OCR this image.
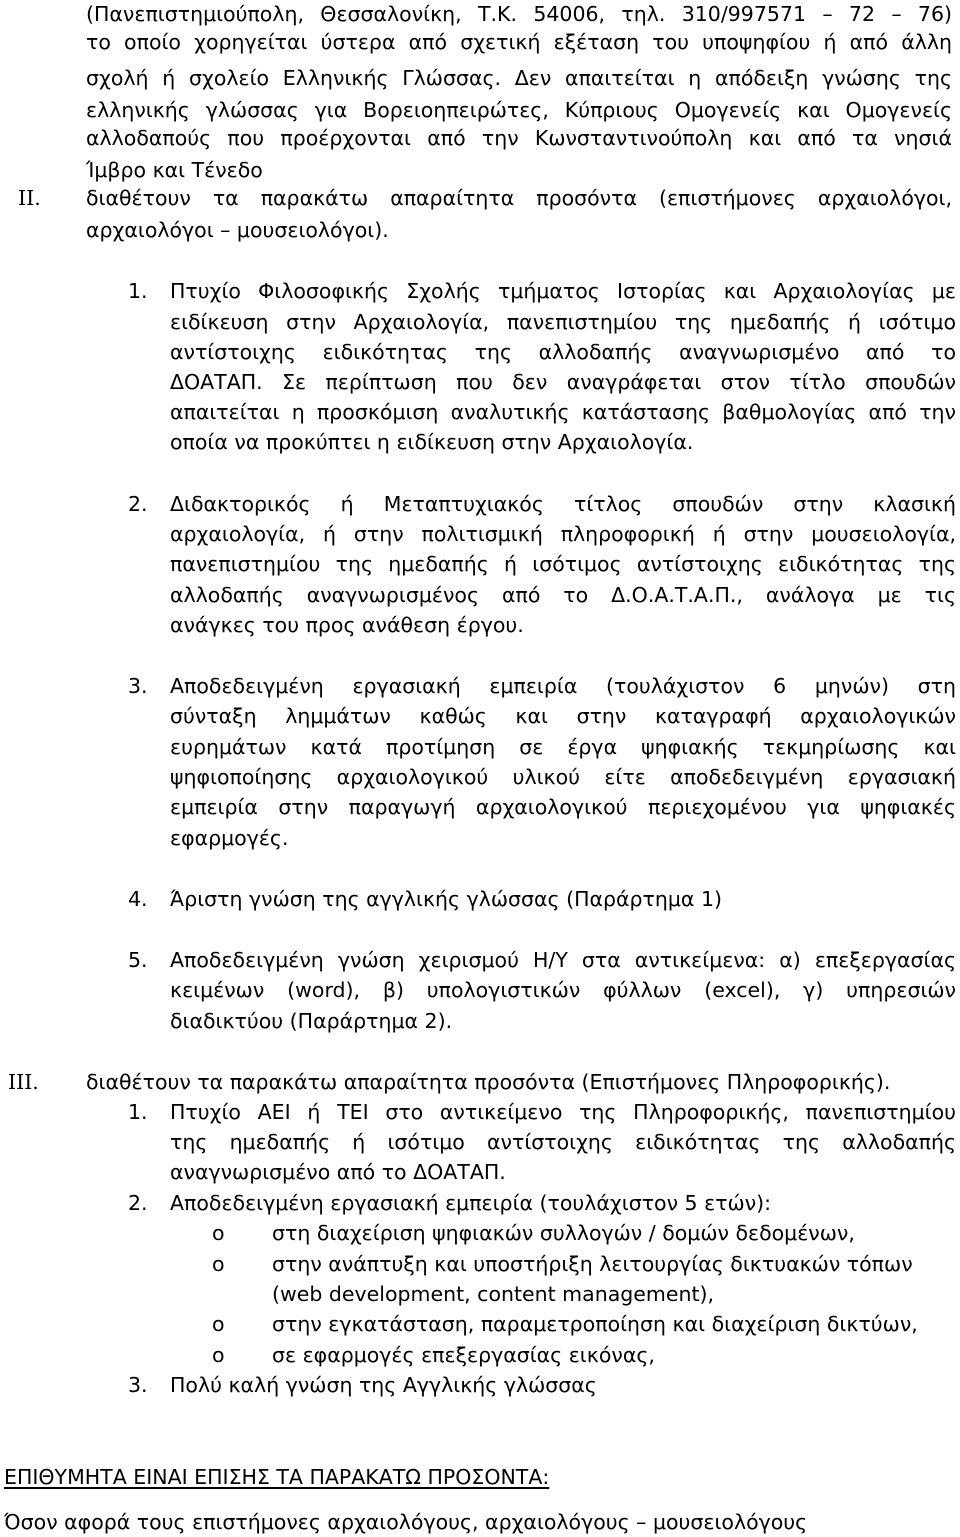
(Πανεπιστημιούπολη, Θεσσαλονίκη, Τ.Κ. 54006, τηλ. 310/997571 – 72 – 76)
το οποίο χορηγείται ύστερα από σχετική εξέταση του υποψηφίου ή από άλλη
σχολή ή σχολείο Ελληνικής Γλώσσας. Δεν απαιτείται η απόδειξη γνώσης της
ελληνικής γλώσσας για Βορειοηπειρώτες, Κύπριους Ομογενείς και Ομογενείς
αλλοδαπούς που προέρχονται από την Κωνσταντινούπολη και από τα νησιά
Ίμβρο και Τένεδο
II. διαθέτουν τα παρακάτω απαραίτητα προσόντα (επιστήμονες αρχαιολόγοι,
αρχαιολόγοι – μουσειολόγοι).
1. Πτυχίο Φιλοσοφικής Σχολής τμήματος Ιστορίας και Αρχαιολογίας με
ειδίκευση στην Αρχαιολογία, πανεπιστημίου της ημεδαπής ή ισότιμο
αντίστοιχης ειδικότητας της αλλοδαπής αναγνωρισμένο από το
ΔΟΑΤΑΠ. Σε περίπτωση που δεν αναγράφεται στον τίτλο σπουδών
απαιτείται η προσκόμιση αναλυτικής κατάστασης βαθμολογίας από την
οποία να προκύπτει η ειδίκευση στην Αρχαιολογία.
2. Διδακτορικός ή Μεταπτυχιακός τίτλος σπουδών στην κλασική
αρχαιολογία, ή στην πολιτισμική πληροφορική ή στην μουσειολογία,
πανεπιστημίου της ημεδαπής ή ισότιμος αντίστοιχης ειδικότητας της
αλλοδαπής αναγνωρισμένος από το Δ.Ο.Α.Τ.Α.Π., ανάλογα με τις
ανάγκες του προς ανάθεση έργου.
3. Αποδεδειγμένη εργασιακή εμπειρία (τουλάχιστον 6 μηνών) στη
σύνταξη λημμάτων καθώς και στην καταγραφή αρχαιολογικών
ευρημάτων κατά προτίμηση σε έργα ψηφιακής τεκμηρίωσης και
ψηφιοποίησης αρχαιολογικού υλικού είτε αποδεδειγμένη εργασιακή
εμπειρία στην παραγωγή αρχαιολογικού περιεχομένου για ψηφιακές
εφαρμογές.
4. Άριστη γνώση της αγγλικής γλώσσας (Παράρτημα 1)
5. Αποδεδειγμένη γνώση χειρισμού Η/Υ στα αντικείμενα: α) επεξεργασίας
κειμένων (word), β) υπολογιστικών φύλλων (excel), γ) υπηρεσιών
διαδικτύου (Παράρτημα 2).
III. διαθέτουν τα παρακάτω απαραίτητα προσόντα (Επιστήμονες Πληροφορικής).
1. Πτυχίο ΑΕΙ ή ΤΕΙ στο αντικείμενο της Πληροφορικής, πανεπιστημίου
της ημεδαπής ή ισότιμο αντίστοιχης ειδικότητας της αλλοδαπής
αναγνωρισμένο από το ΔΟΑΤΑΠ.
2. Αποδεδειγμένη εργασιακή εμπειρία (τουλάχιστον 5 ετών):
o στη διαχείριση ψηφιακών συλλογών / δομών δεδομένων,
o στην ανάπτυξη και υποστήριξη λειτουργίας δικτυακών τόπων
(web development, content management),
o στην εγκατάσταση, παραμετροποίηση και διαχείριση δικτύων,
o σε εφαρμογές επεξεργασίας εικόνας,
3. Πολύ καλή γνώση της Αγγλικής γλώσσας
ΕΠΙΘΥΜΗΤΑ ΕΙΝΑΙ ΕΠΙΣΗΣ ΤΑ ΠΑΡΑΚΑΤΩ ΠΡΟΣΟΝΤΑ:
Όσον αφορά τους επιστήμονες αρχαιολόγους, αρχαιολόγους – μουσειολόγους
